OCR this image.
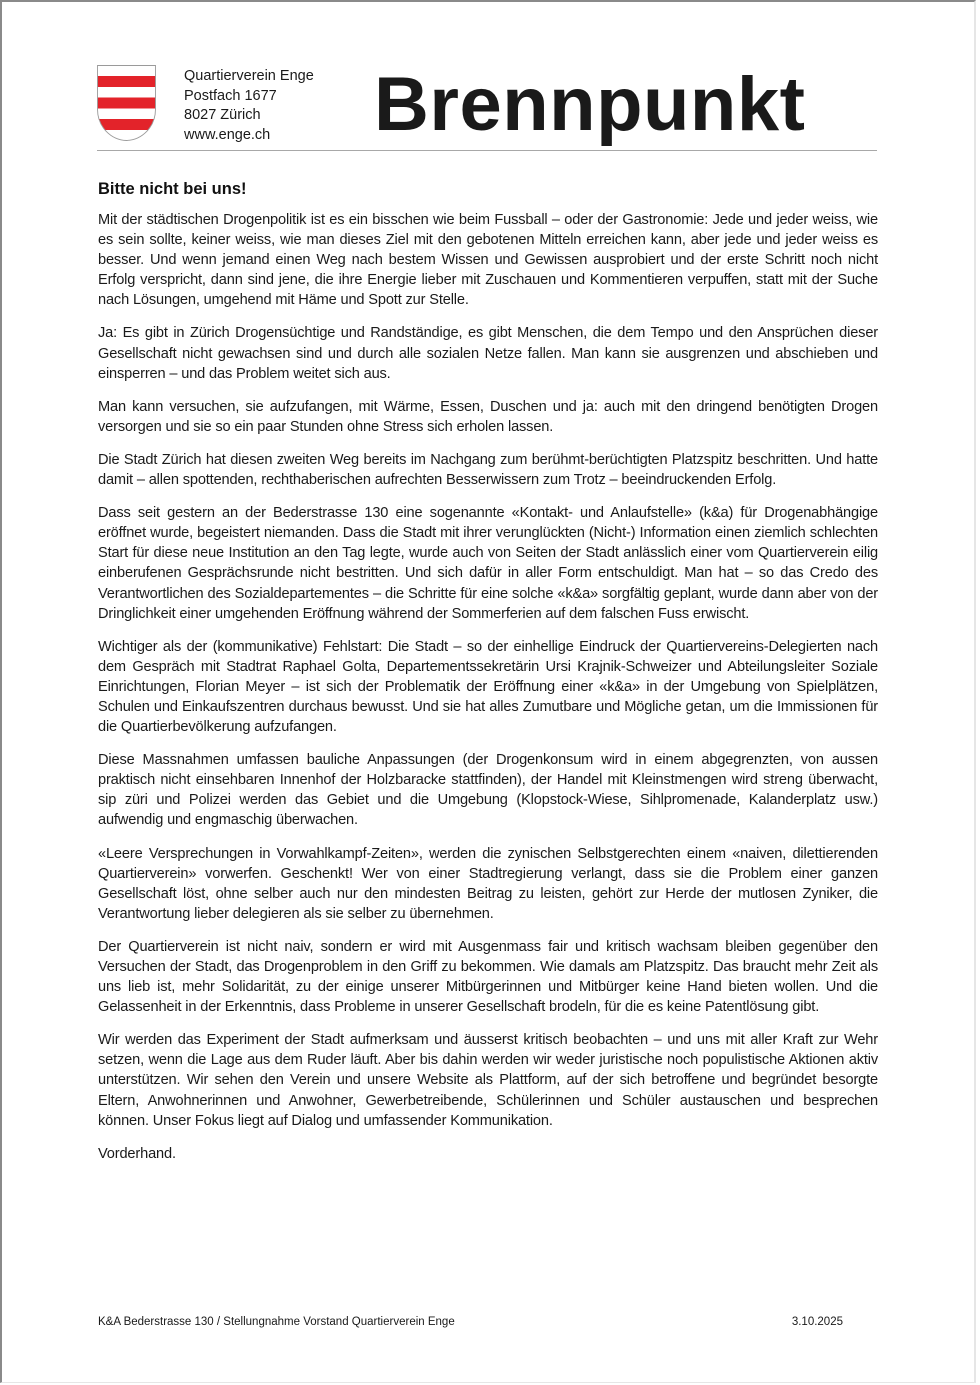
Quartierverein Enge
Postfach 1677
8027 Zürich
www.enge.ch	Brennpunkt
Bitte nicht bei uns!

Mit der städtischen Drogenpolitik ist es ein bisschen wie beim Fussball – oder der Gastronomie: Jede und jeder weiss, wie es sein sollte, keiner weiss, wie man dieses Ziel mit den gebotenen Mitteln erreichen kann, aber jede und jeder weiss es besser. Und wenn jemand einen Weg nach bestem Wissen und Gewissen ausprobiert und der erste Schritt noch nicht Erfolg verspricht, dann sind jene, die ihre Energie lieber mit Zuschauen und Kommentieren verpuffen, statt mit der Suche nach Lösungen, umgehend mit Häme und Spott zur Stelle.

Ja: Es gibt in Zürich Drogensüchtige und Randständige, es gibt Menschen, die dem Tempo und den Ansprüchen dieser Gesellschaft nicht gewachsen sind und durch alle sozialen Netze fallen. Man kann sie ausgrenzen und abschieben und einsperren – und das Problem weitet sich aus.

Man kann versuchen, sie aufzufangen, mit Wärme, Essen, Duschen und ja: auch mit den dringend benötigten Drogen versorgen und sie so ein paar Stunden ohne Stress sich erholen lassen.

Die Stadt Zürich hat diesen zweiten Weg bereits im Nachgang zum berühmt-berüchtigten Platzspitz beschritten. Und hatte damit – allen spottenden, rechthaberischen aufrechten Besserwissern zum Trotz – beeindruckenden Erfolg.

Dass seit gestern an der Bederstrasse 130 eine sogenannte «Kontakt- und Anlaufstelle» (k&a) für Drogenabhängige eröffnet wurde, begeistert niemanden. Dass die Stadt mit ihrer verunglückten (Nicht-) Information einen ziemlich schlechten Start für diese neue Institution an den Tag legte, wurde auch von Seiten der Stadt anlässlich einer vom Quartierverein eilig einberufenen Gesprächsrunde nicht bestritten. Und sich dafür in aller Form entschuldigt. Man hat – so das Credo des Verantwortlichen des Sozialdepartementes – die Schritte für eine solche «k&a» sorgfältig geplant, wurde dann aber von der Dringlichkeit einer umgehenden Eröffnung während der Sommerferien auf dem falschen Fuss erwischt.

Wichtiger als der (kommunikative) Fehlstart: Die Stadt – so der einhellige Eindruck der Quartiervereins-Delegierten nach dem Gespräch mit Stadtrat Raphael Golta, Departementssekretärin Ursi Krajnik-Schweizer und Abteilungsleiter Soziale Einrichtungen, Florian Meyer – ist sich der Problematik der Eröffnung einer «k&a» in der Umgebung von Spielplätzen, Schulen und Einkaufszentren durchaus bewusst. Und sie hat alles Zumutbare und Mögliche getan, um die Immissionen für die Quartierbevölkerung aufzufangen.

Diese Massnahmen umfassen bauliche Anpassungen (der Drogenkonsum wird in einem abgegrenzten, von aussen praktisch nicht einsehbaren Innenhof der Holzbaracke stattfinden), der Handel mit Kleinstmengen wird streng überwacht, sip züri und Polizei werden das Gebiet und die Umgebung (Klopstock-Wiese, Sihlpromenade, Kalanderplatz usw.) aufwendig und engmaschig überwachen.

«Leere Versprechungen in Vorwahlkampf-Zeiten», werden die zynischen Selbstgerechten einem «naiven, dilettierenden Quartierverein» vorwerfen. Geschenkt! Wer von einer Stadtregierung verlangt, dass sie die Problem einer ganzen Gesellschaft löst, ohne selber auch nur den mindesten Beitrag zu leisten, gehört zur Herde der mutlosen Zyniker, die Verantwortung lieber delegieren als sie selber zu übernehmen.

Der Quartierverein ist nicht naiv, sondern er wird mit Ausgenmass fair und kritisch wachsam bleiben gegenüber den Versuchen der Stadt, das Drogenproblem in den Griff zu bekommen. Wie damals am Platzspitz. Das braucht mehr Zeit als uns lieb ist, mehr Solidarität, zu der einige unserer Mitbürgerinnen und Mitbürger keine Hand bieten wollen. Und die Gelassenheit in der Erkenntnis, dass Probleme in unserer Gesellschaft brodeln, für die es keine Patentlösung gibt.

Wir werden das Experiment der Stadt aufmerksam und äusserst kritisch beobachten – und uns mit aller Kraft zur Wehr setzen, wenn die Lage aus dem Ruder läuft. Aber bis dahin werden wir weder juristische noch populistische Aktionen aktiv unterstützen. Wir sehen den Verein und unsere Website als Plattform, auf der sich betroffene und begründet besorgte Eltern, Anwohnerinnen und Anwohner, Gewerbetreibende, Schülerinnen und Schüler austauschen und besprechen können. Unser Fokus liegt auf Dialog und umfassender Kommunikation.

Vorderhand.

K&A Bederstrasse 130 / Stellungnahme Vorstand Quartierverein Enge	3.10.2025
